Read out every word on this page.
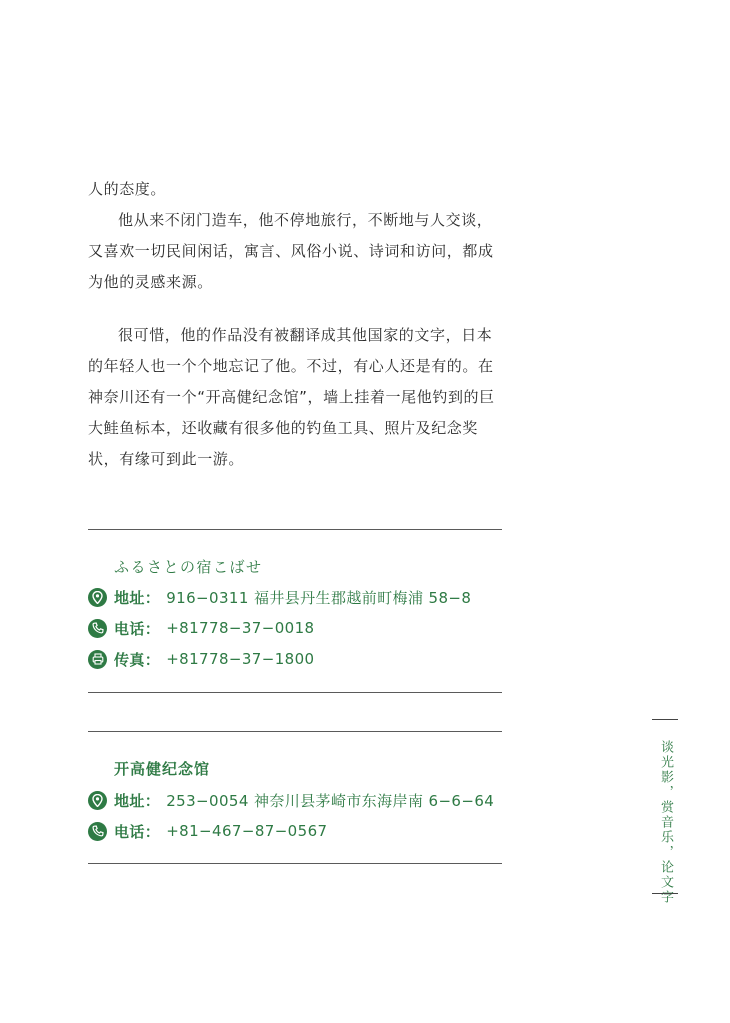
人的态度。

他从来不闭门造车，他不停地旅行，不断地与人交谈，又喜欢一切民间闲话，寓言、风俗小说、诗词和访问，都成为他的灵感来源。

很可惜，他的作品没有被翻译成其他国家的文字，日本的年轻人也一个个地忘记了他。不过，有心人还是有的。在神奈川还有一个“开高健纪念馆”，墙上挂着一尾他钓到的巨大鲑鱼标本，还收藏有很多他的钓鱼工具、照片及纪念奖状，有缘可到此一游。

ふるさとの宿こばせ
地址： 916−0311 福井县丹生郡越前町梅浦 58−8
电话： +81778−37−0018
传真： +81778−37−1800
开高健纪念馆
地址： 253−0054 神奈川县茅崎市东海岸南 6−6−64
电话： +81−467−87−0567	谈光影，赏音乐，论文字
